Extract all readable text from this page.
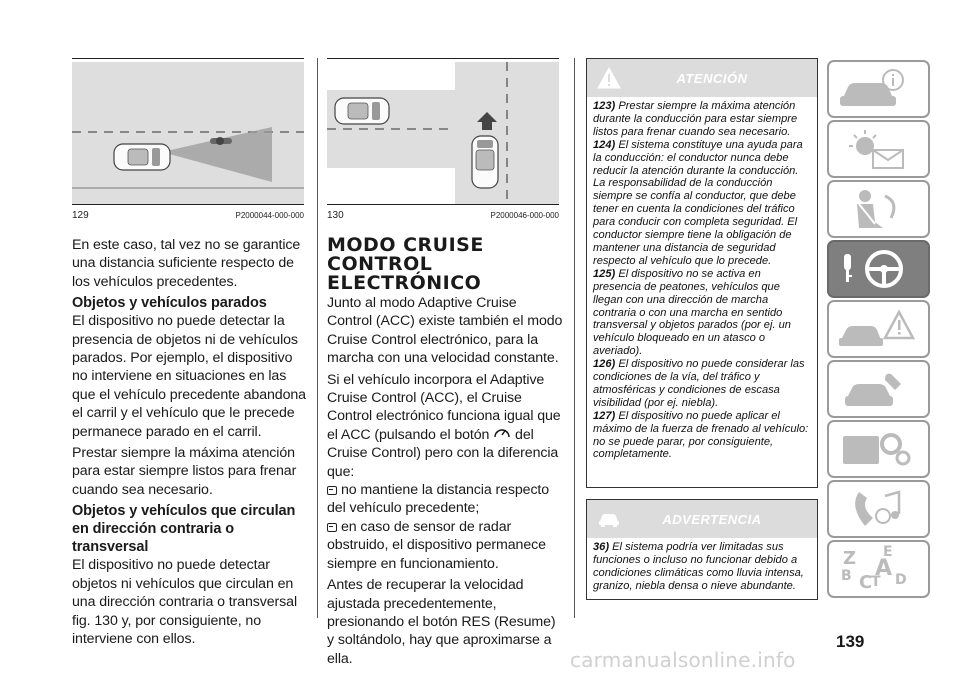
129	P2000044-000-000

En este caso, tal vez no se garantice una distancia suficiente respecto de los vehículos precedentes.

Objetos y vehículos parados

El dispositivo no puede detectar la presencia de objetos ni de vehículos parados. Por ejemplo, el dispositivo no interviene en situaciones en las que el vehículo precedente abandona el carril y el vehículo que le precede permanece parado en el carril.

Prestar siempre la máxima atención para estar siempre listos para frenar cuando sea necesario.

Objetos y vehículos que circulan en dirección contraria o transversal

El dispositivo no puede detectar objetos ni vehículos que circulan en una dirección contraria o transversal fig. 130 y, por consiguiente, no interviene con ellos.

130	P2000046-000-000

MODO CRUISE CONTROL ELECTRÓNICO

Junto al modo Adaptive Cruise Control (ACC) existe también el modo Cruise Control electrónico, para la marcha con una velocidad constante.

Si el vehículo incorpora el Adaptive Cruise Control (ACC), el Cruise Control electrónico funciona igual que el ACC (pulsando el botón del Cruise Control) pero con la diferencia que:

no mantiene la distancia respecto del vehículo precedente;

en caso de sensor de radar obstruido, el dispositivo permanece siempre en funcionamiento.

Antes de recuperar la velocidad ajustada precedentemente, presionando el botón RES (Resume) y soltándolo, hay que aproximarse a ella.

ATENCIÓN

123) Prestar siempre la máxima atención durante la conducción para estar siempre listos para frenar cuando sea necesario.

124) El sistema constituye una ayuda para la conducción: el conductor nunca debe reducir la atención durante la conducción. La responsabilidad de la conducción siempre se confía al conductor, que debe tener en cuenta la condiciones del tráfico para conducir con completa seguridad. El conductor siempre tiene la obligación de mantener una distancia de seguridad respecto al vehículo que lo precede.

125) El dispositivo no se activa en presencia de peatones, vehículos que llegan con una dirección de marcha contraria o con una marcha en sentido transversal y objetos parados (por ej. un vehículo bloqueado en un atasco o averiado).

126) El dispositivo no puede considerar las condiciones de la vía, del tráfico y atmosféricas y condiciones de escasa visibilidad (por ej. niebla).

127) El dispositivo no puede aplicar el máximo de la fuerza de frenado al vehículo: no se puede parar, por consiguiente, completamente.

ADVERTENCIA

36) El sistema podría ver limitadas sus funciones o incluso no funcionar debido a condiciones climáticas como lluvia intensa, granizo, niebla densa o nieve abundante.

Z E
A
B C
T D
139
carmanualsonline.info
